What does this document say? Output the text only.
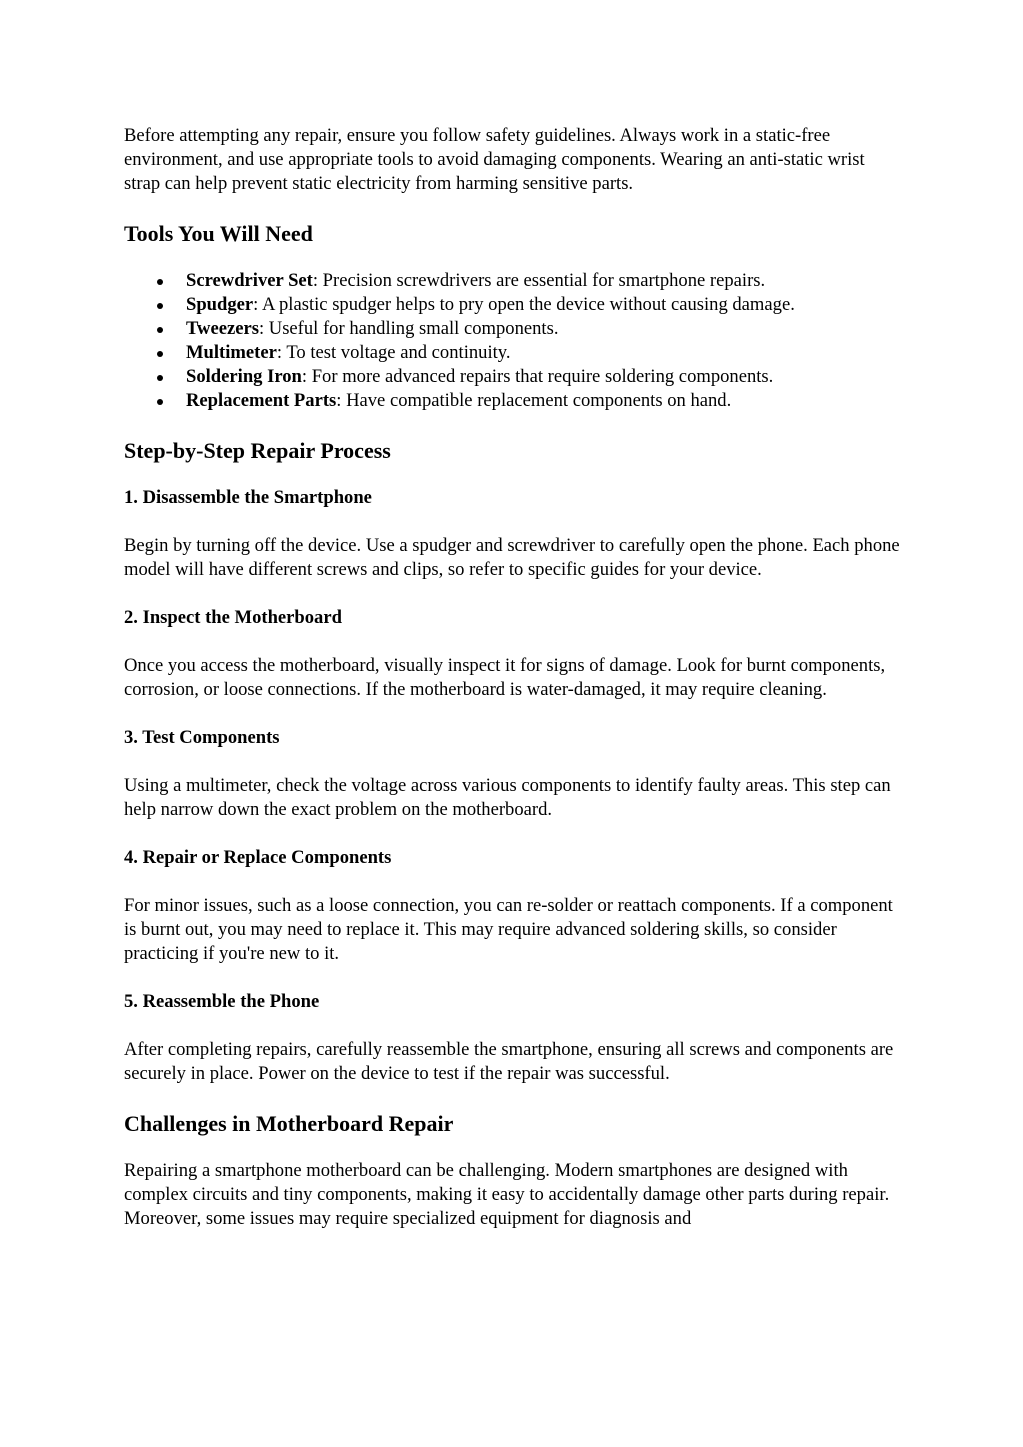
Before attempting any repair, ensure you follow safety guidelines. Always work in a static-free environment, and use appropriate tools to avoid damaging components. Wearing an anti-static wrist strap can help prevent static electricity from harming sensitive parts.

Tools You Will Need
Screwdriver Set: Precision screwdrivers are essential for smartphone repairs.
Spudger: A plastic spudger helps to pry open the device without causing damage.
Tweezers: Useful for handling small components.
Multimeter: To test voltage and continuity.
Soldering Iron: For more advanced repairs that require soldering components.
Replacement Parts: Have compatible replacement components on hand.
Step-by-Step Repair Process
1. Disassemble the Smartphone

Begin by turning off the device. Use a spudger and screwdriver to carefully open the phone. Each phone model will have different screws and clips, so refer to specific guides for your device.

2. Inspect the Motherboard

Once you access the motherboard, visually inspect it for signs of damage. Look for burnt components, corrosion, or loose connections. If the motherboard is water-damaged, it may require cleaning.

3. Test Components

Using a multimeter, check the voltage across various components to identify faulty areas. This step can help narrow down the exact problem on the motherboard.

4. Repair or Replace Components

For minor issues, such as a loose connection, you can re-solder or reattach components. If a component is burnt out, you may need to replace it. This may require advanced soldering skills, so consider practicing if you're new to it.

5. Reassemble the Phone

After completing repairs, carefully reassemble the smartphone, ensuring all screws and components are securely in place. Power on the device to test if the repair was successful.

Challenges in Motherboard Repair

Repairing a smartphone motherboard can be challenging. Modern smartphones are designed with complex circuits and tiny components, making it easy to accidentally damage other parts during repair. Moreover, some issues may require specialized equipment for diagnosis and
